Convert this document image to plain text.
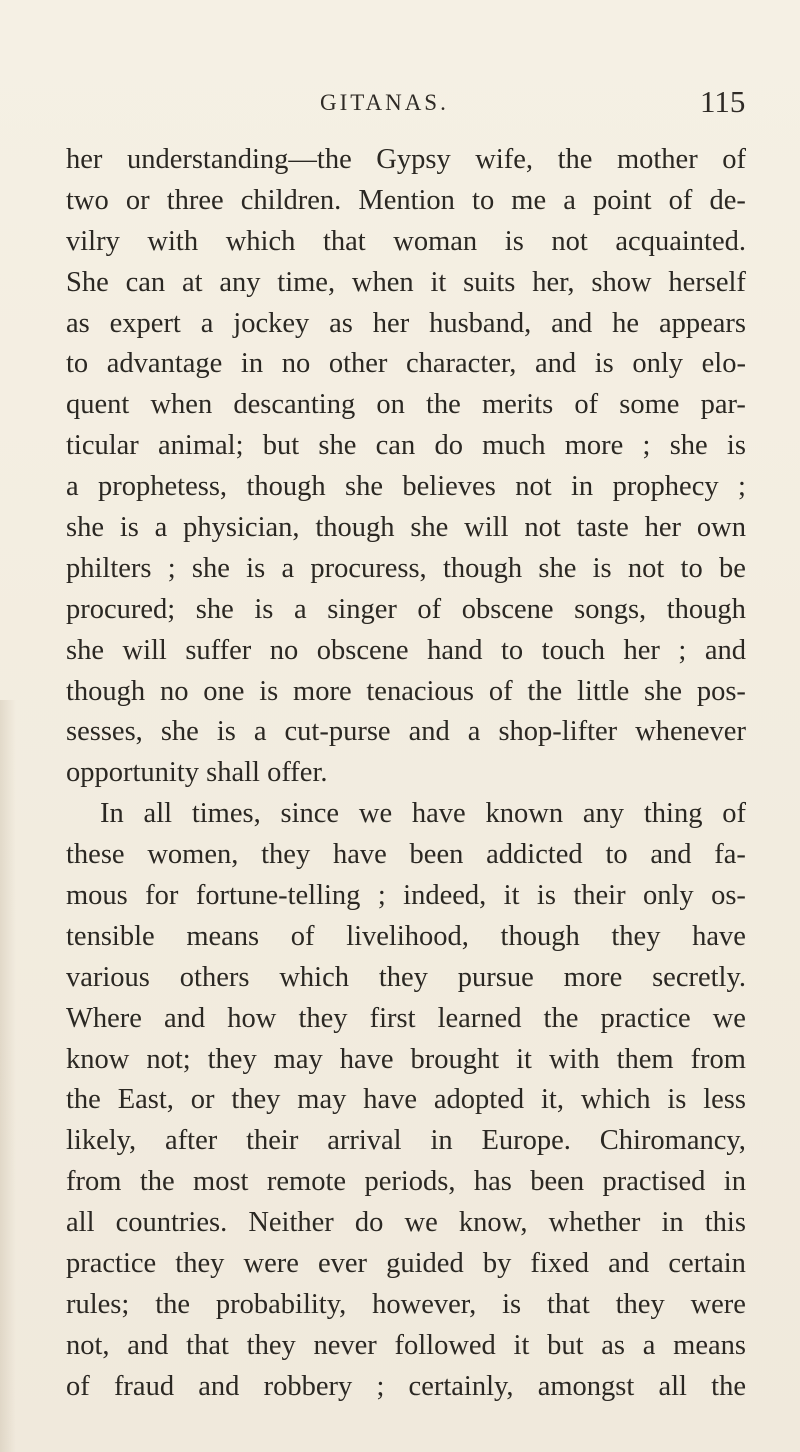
GITANAS.	115
her understanding—the Gypsy wife, the mother of
two or three children. Mention to me a point of de-
vilry with which that woman is not acquainted.
She can at any time, when it suits her, show herself
as expert a jockey as her husband, and he appears
to advantage in no other character, and is only elo-
quent when descanting on the merits of some par-
ticular animal; but she can do much more ; she is
a prophetess, though she believes not in prophecy ;
she is a physician, though she will not taste her own
philters ; she is a procuress, though she is not to be
procured; she is a singer of obscene songs, though
she will suffer no obscene hand to touch her ; and
though no one is more tenacious of the little she pos-
sesses, she is a cut-purse and a shop-lifter whenever
opportunity shall offer.
In all times, since we have known any thing of
these women, they have been addicted to and fa-
mous for fortune-telling ; indeed, it is their only os-
tensible means of livelihood, though they have
various others which they pursue more secretly.
Where and how they first learned the practice we
know not; they may have brought it with them from
the East, or they may have adopted it, which is less
likely, after their arrival in Europe. Chiromancy,
from the most remote periods, has been practised in
all countries. Neither do we know, whether in this
practice they were ever guided by fixed and certain
rules; the probability, however, is that they were
not, and that they never followed it but as a means
of fraud and robbery ; certainly, amongst all the
